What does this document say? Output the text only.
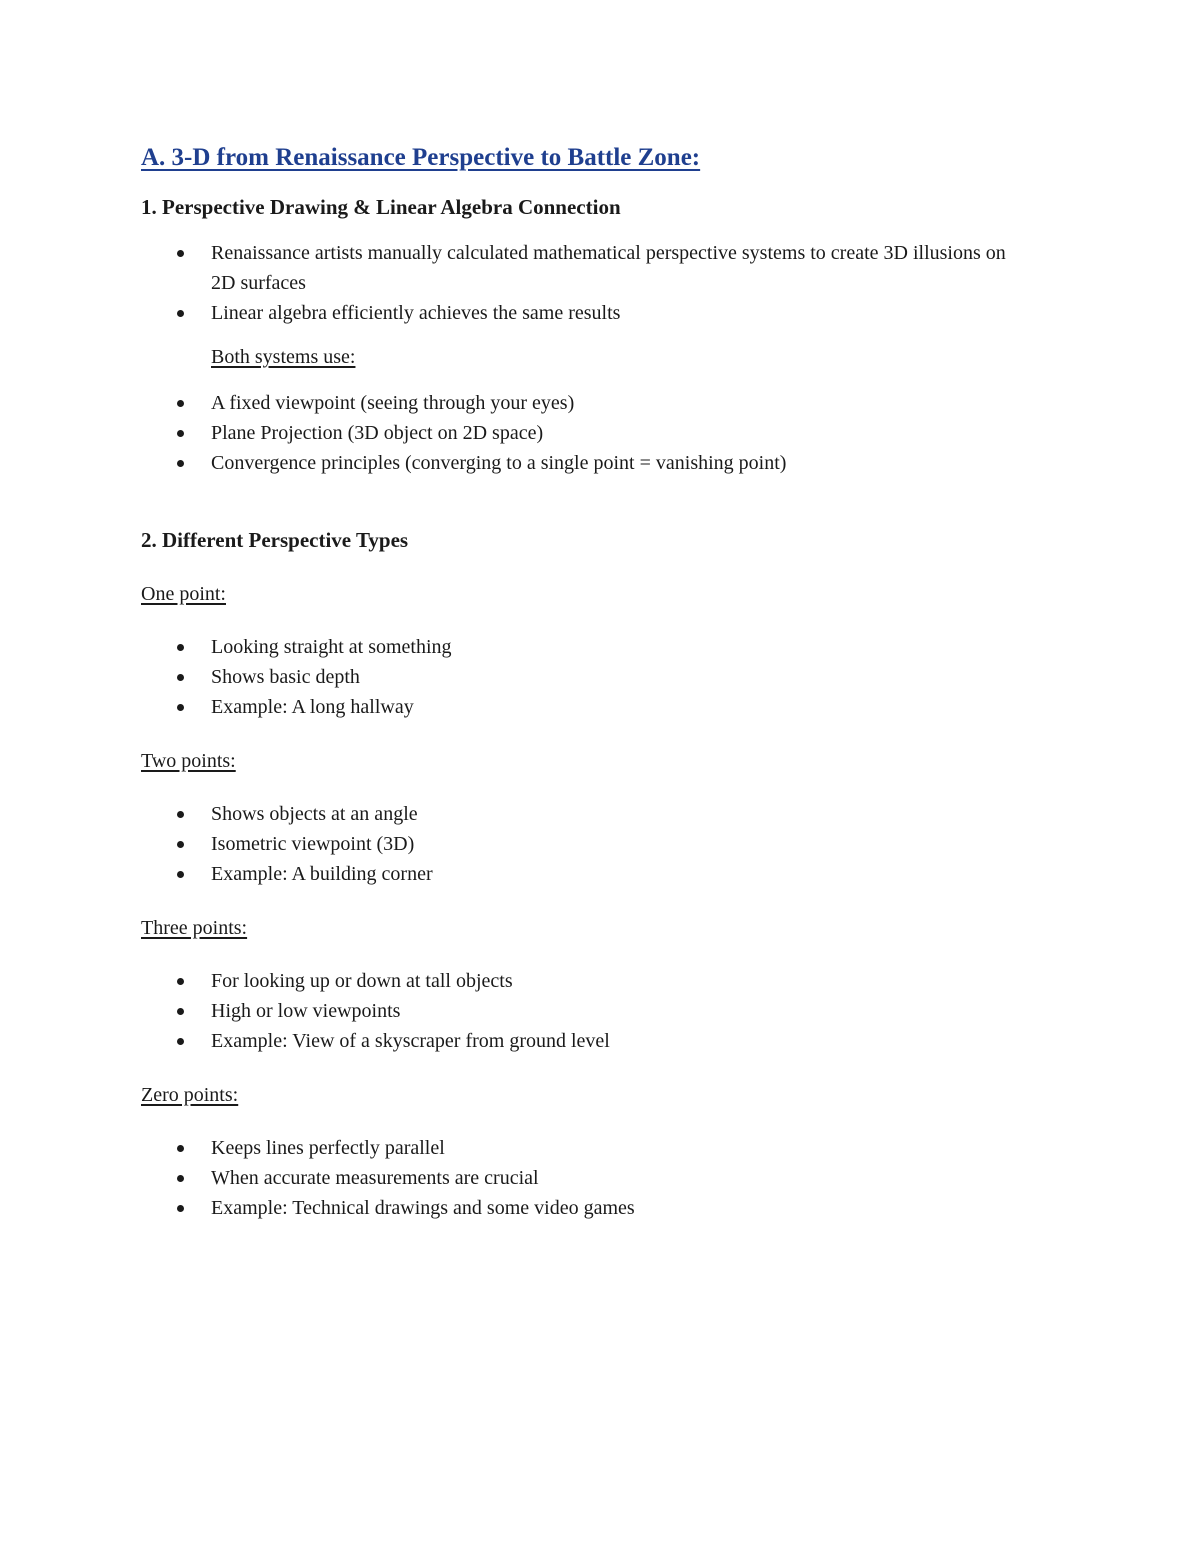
A. 3-D from Renaissance Perspective to Battle Zone:
1. Perspective Drawing & Linear Algebra Connection
Renaissance artists manually calculated mathematical perspective systems to create 3D illusions on 2D surfaces
Linear algebra efficiently achieves the same results

Both systems use:

A fixed viewpoint (seeing through your eyes)
Plane Projection (3D object on 2D space)
Convergence principles (converging to a single point = vanishing point)
2. Different Perspective Types

One point:

Looking straight at something
Shows basic depth
Example: A long hallway

Two points:

Shows objects at an angle
Isometric viewpoint (3D)
Example: A building corner

Three points:

For looking up or down at tall objects
High or low viewpoints
Example: View of a skyscraper from ground level

Zero points:

Keeps lines perfectly parallel
When accurate measurements are crucial
Example: Technical drawings and some video games
